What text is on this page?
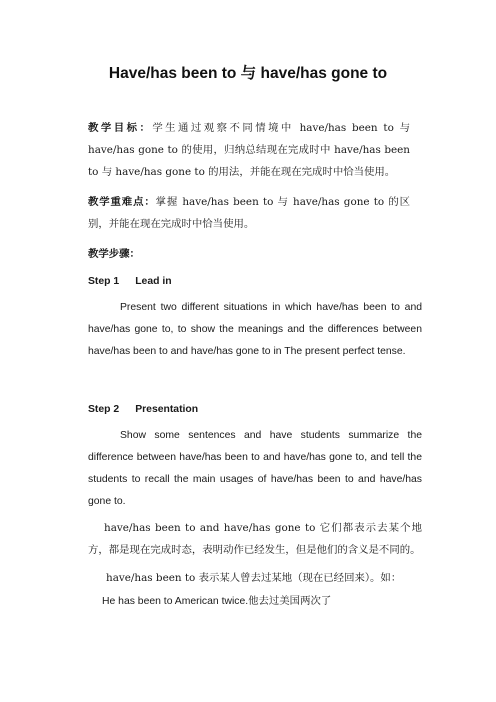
Have/has been to 与 have/has gone to
教学目标：学生通过观察不同情境中 have/has been to 与 have/has gone to 的使用，归纳总结现在完成时中 have/has been to 与 have/has gone to 的用法，并能在现在完成时中恰当使用。
教学重难点：掌握 have/has been to 与 have/has gone to 的区别，并能在现在完成时中恰当使用。
教学步骤：
Step 1 Lead in
Present two different situations in which have/has been to and have/has gone to, to show the meanings and the differences between have/has been to and have/has gone to in The present perfect tense.
Step 2 Presentation
Show some sentences and have students summarize the difference between have/has been to and have/has gone to, and tell the students to recall the main usages of have/has been to and have/has gone to.
have/has been to and have/has gone to 它们都表示去某个地方，都是现在完成时态，表明动作已经发生，但是他们的含义是不同的。
have/has been to 表示某人曾去过某地（现在已经回来）。如：
He has been to American twice.他去过美国两次了
